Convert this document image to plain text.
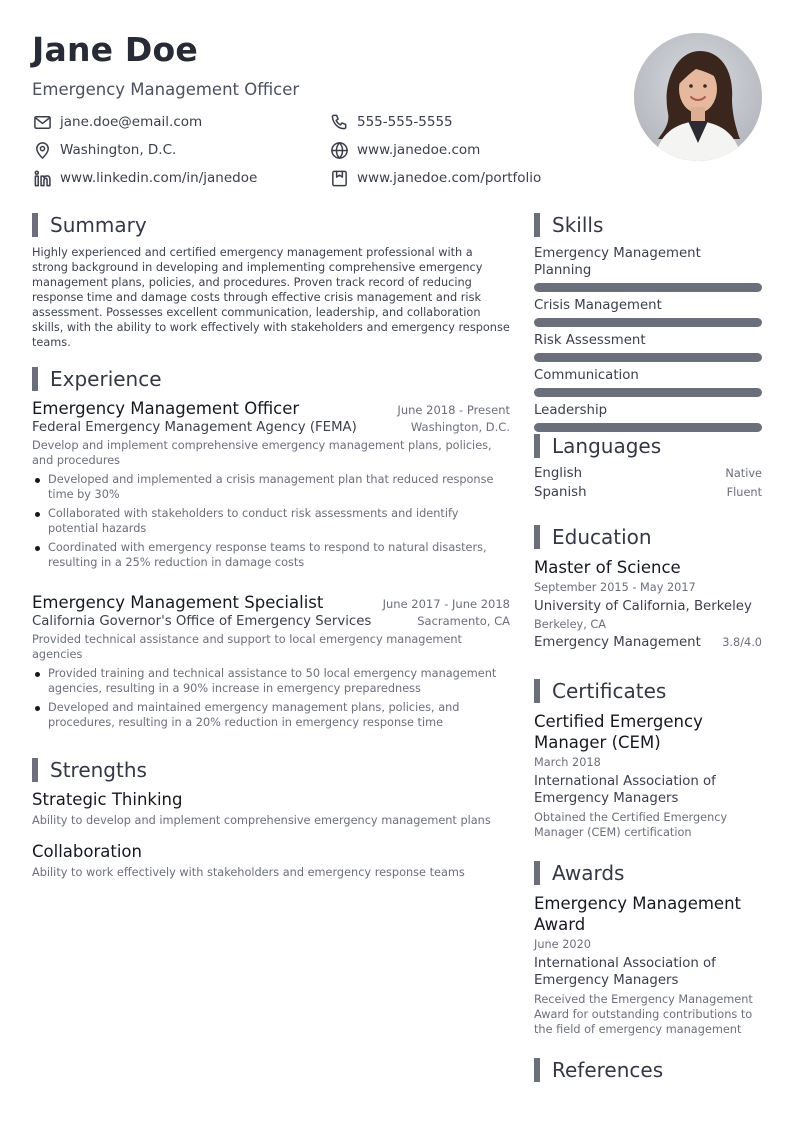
Jane Doe
Emergency Management Officer
jane.doe@email.com	555-555-5555
Washington, D.C.	www.janedoe.com
www.linkedin.com/in/janedoe	www.janedoe.com/portfolio
Summary
Highly experienced and certified emergency management professional with a strong background in developing and implementing comprehensive emergency management plans, policies, and procedures. Proven track record of reducing response time and damage costs through effective crisis management and risk assessment. Possesses excellent communication, leadership, and collaboration skills, with the ability to work effectively with stakeholders and emergency response teams.
Experience
Emergency Management Officer	June 2018 - Present
Federal Emergency Management Agency (FEMA)	Washington, D.C.
Develop and implement comprehensive emergency management plans, policies, and procedures
Developed and implemented a crisis management plan that reduced response time by 30%
Collaborated with stakeholders to conduct risk assessments and identify potential hazards
Coordinated with emergency response teams to respond to natural disasters, resulting in a 25% reduction in damage costs
Emergency Management Specialist	June 2017 - June 2018
California Governor's Office of Emergency Services	Sacramento, CA
Provided technical assistance and support to local emergency management agencies
Provided training and technical assistance to 50 local emergency management agencies, resulting in a 90% increase in emergency preparedness
Developed and maintained emergency management plans, policies, and procedures, resulting in a 20% reduction in emergency response time
Strengths
Strategic Thinking
Ability to develop and implement comprehensive emergency management plans
Collaboration
Ability to work effectively with stakeholders and emergency response teams
Skills
Emergency Management Planning
Crisis Management
Risk Assessment
Communication
Leadership
Languages
English	Native
Spanish	Fluent
Education
Master of Science
September 2015 - May 2017
University of California, Berkeley
Berkeley, CA
Emergency Management 3.8/4.0
Certificates
Certified Emergency Manager (CEM)
March 2018
International Association of Emergency Managers
Obtained the Certified Emergency Manager (CEM) certification
Awards
Emergency Management Award
June 2020
International Association of Emergency Managers
Received the Emergency Management Award for outstanding contributions to the field of emergency management
References
